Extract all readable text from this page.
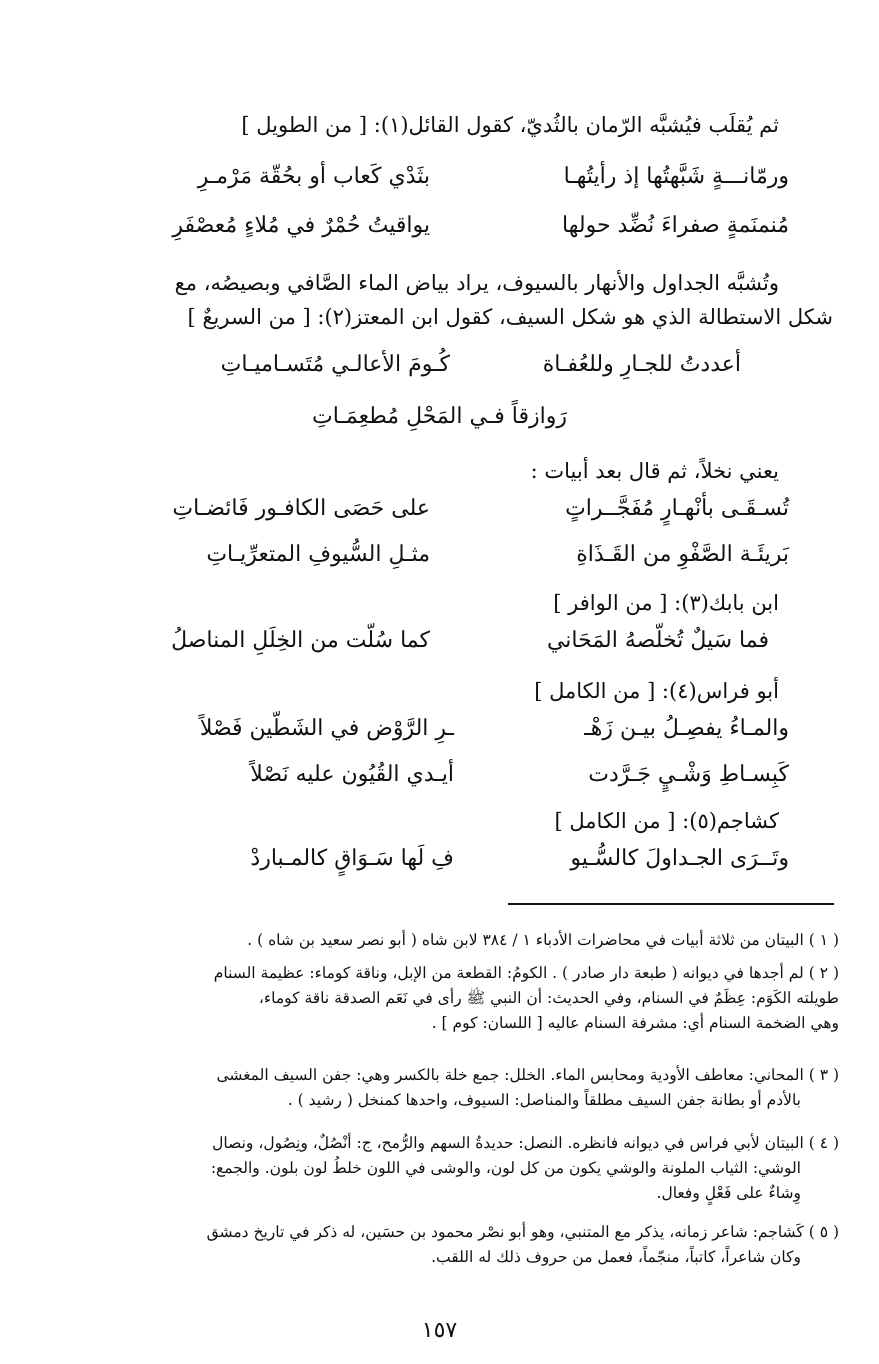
ثم يُقلَب فيُشبَّه الرّمان بالثُديّ، كقول القائل(١): [ من الطويل ]
ورمّانـــةٍ شَبَّهتُها إذ رأيتُهـا
بثَدْي كَعاب أو بحُقّة مَرْمـرِ
مُنمنَمةٍ صفراءَ نُضِّد حولها
يواقيتُ حُمْرٌ في مُلاءٍ مُعصْفَرِ
وتُشبَّه الجداول والأنهار بالسيوف، يراد بياض الماء الصَّافي وبصيصُه، مع
شكل الاستطالة الذي هو شكل السيف، كقول ابن المعتز(٢): [ من السريعٌ ]
أعددتُ للجـارِ وللعُفـاة
كُـومَ الأعالـي مُتَسـاميـاتِ
رَوازقاً فـي المَحْلِ مُطعِمَـاتِ
يعني نخلاً، ثم قال بعد أبيات :
تُسـقَـى بأنْهـارٍ مُفَجَّــراتٍ
على حَصَى الكافـور فَائضـاتِ
بَريئَـة الصَّفْوِ من القَـذَاةِ
مثـلِ السُّيوفِ المتعرِّيـاتِ
ابن بابك(٣): [ من الوافر ]
فما سَيلٌ تُخلّصهُ المَحَاني
كما سُلّت من الخِلَلِ المناصلُ
أبو فراس(٤): [ من الكامل ]
والمـاءُ يفصِـلُ بيـن زَهْـ
ـرِ الرَّوْض في الشَطّين فَصْلاً
كَبِسـاطِ وَشْـيٍ جَـرَّدت
أيـدي القُيُون عليه نَصْلاً
كشاجم(٥): [ من الكامل ]
وتَــرَى الجـداولَ كالسُّـيو
فِ لَها سَـوَاقٍ كالمـباردْ

( ١ ) البيتان من ثلاثة أبيات في محاضرات الأدباء ١ / ٣٨٤ لابن شاه ( أبو نصر سعيد بن شاه ) .

( ٢ ) لم أجدها في ديوانه ( طبعة دار صادر ) . الكومُ: القطعة من الإبل، وناقة كوماء: عظيمة السنام

طويلته الكَوَم: عِظَمٌ في السنام، وفي الحديث: أن النبي ﷺ رأى في نَعَم الصدقة ناقة كوماء،

وهي الضخمة السنام أي: مشرفة السنام عاليه [ اللسان: كوم ] .

( ٣ ) المحاني: معاطف الأودية ومحابس الماء. الخلل: جمع خلة بالكسر وهي: جفن السيف المغشى

بالأدم أو بطانة جفن السيف مطلقاً والمناصل: السيوف، واحدها كمنخل ( رشيد ) .

( ٤ ) البيتان لأبي فراس في ديوانه فانظره. النصل: حديدةُ السهم والرُّمح، ج: أنْصُلٌ، ونِصُول، ونصال

الوشي: الثياب الملونة والوشي يكون من كل لون، والوشى في اللون خلطُ لون بلون. والجمع:

وِشاءٌ على فَعْلٍ وفعال.

( ٥ ) كَشاجم: شاعر زمانه، يذكر مع المتنبي، وهو أبو نصْر محمود بن حسَين، له ذكر في تاريخ دمشق

وكان شاعراً، كاتباً، منجّماً، فعمل من حروف ذلك له اللقب.

١٥٧
